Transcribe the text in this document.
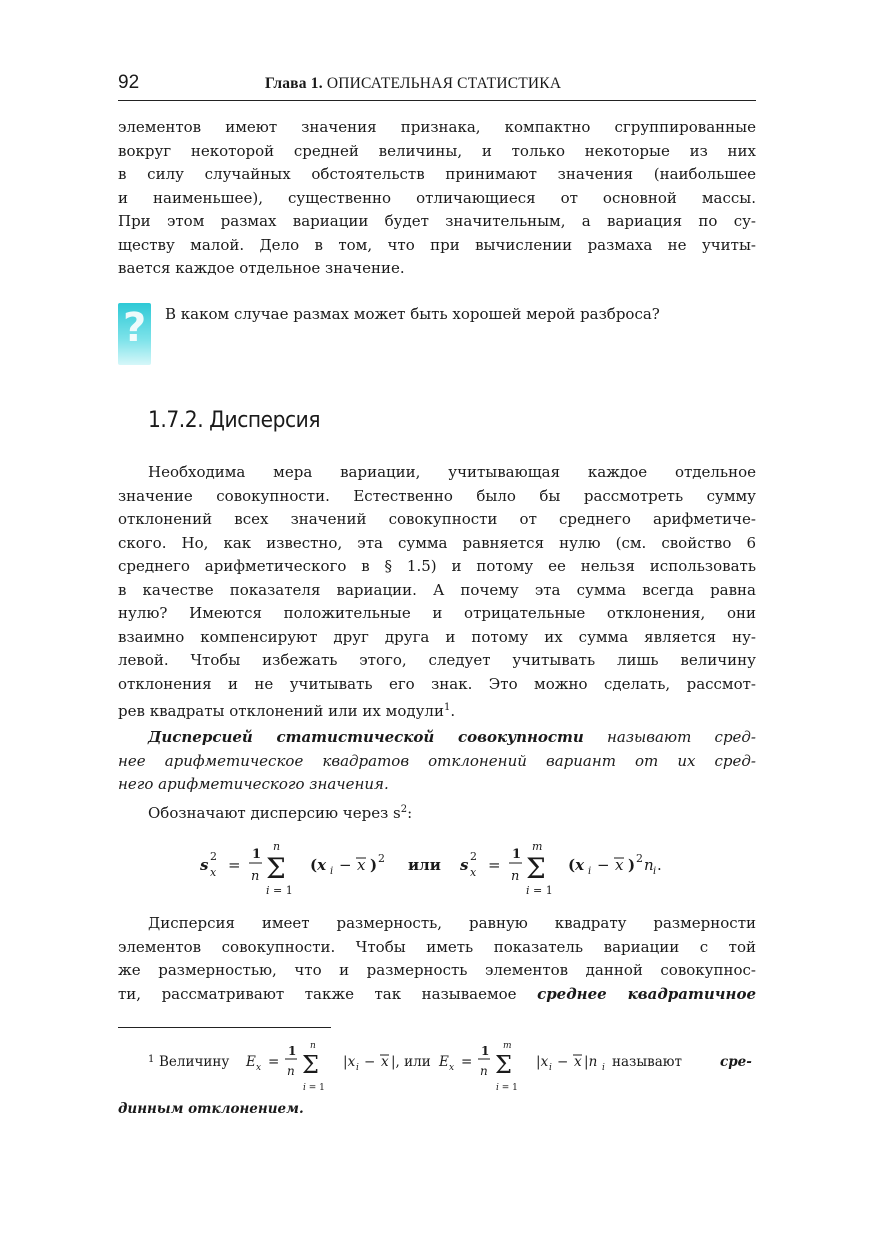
92	Глава 1. ОПИСАТЕЛЬНАЯ СТАТИСТИКА
элементов имеют значения признака, компактно сгруппированные
вокруг некоторой средней величины, и только некоторые из них
в силу случайных обстоятельств принимают значения (наибольшее
и наименьшее), существенно отличающиеся от основной массы.
При этом размах вариации будет значительным, а вариация по су-
ществу малой. Дело в том, что при вычислении размаха не учиты-
вается каждое отдельное значение.
? В каком случае размах может быть хорошей мерой разброса?
1.7.2. Дисперсия
Необходима мера вариации, учитывающая каждое отдельное
значение совокупности. Естественно было бы рассмотреть сумму
отклонений всех значений совокупности от среднего арифметиче-
ского. Но, как известно, эта сумма равняется нулю (см. свойство 6
среднего арифметического в § 1.5) и потому ее нельзя использовать
в качестве показателя вариации. А почему эта сумма всегда равна
нулю? Имеются положительные и отрицательные отклонения, они
взаимно компенсируют друг друга и потому их сумма является ну-
левой. Чтобы избежать этого, следует учитывать лишь величину
отклонения и не учитывать его знак. Это можно сделать, рассмот-
рев квадраты отклонений или их модули$^1$.
Дисперсией статистической совокупности называют сред-
нее арифметическое квадратов отклонений вариант от их сред-
него арифметического значения.
Обозначают дисперсию через $s^2$:
s 2
x =
1
n
n
Σ
i = 1
(x i − x ) 2 или s 2
x =
1
n
m
Σ
i = 1
(x i − x ) 2 n i .
Дисперсия имеет размерность, равную квадрату размерности
элементов совокупности. Чтобы иметь показатель вариации с той
же размерностью, что и размерность элементов данной совокупнос-
ти, рассматривают также так называемое среднее квадратичное
1 Величину E x =
1
n
n
Σ
i = 1
|x i − x |, или E x =
1
n
m
Σ
i = 1
|x i − x |n i называют	сре-
динным отклонением.
